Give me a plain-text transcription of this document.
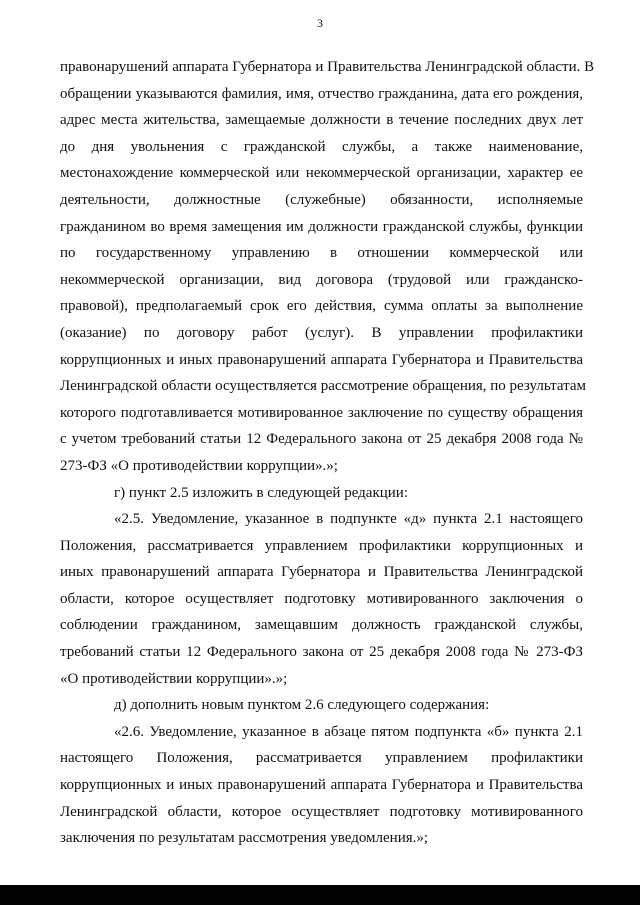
3
правонарушений аппарата Губернатора и Правительства Ленинградской области. В
обращении указываются фамилия, имя, отчество гражданина, дата его рождения,
адрес места жительства, замещаемые должности в течение последних двух лет
до дня увольнения с гражданской службы, а также наименование,
местонахождение коммерческой или некоммерческой организации, характер ее
деятельности, должностные (служебные) обязанности, исполняемые
гражданином во время замещения им должности гражданской службы, функции
по государственному управлению в отношении коммерческой или
некоммерческой организации, вид договора (трудовой или гражданско-
правовой), предполагаемый срок его действия, сумма оплаты за выполнение
(оказание) по договору работ (услуг). В управлении профилактики
коррупционных и иных правонарушений аппарата Губернатора и Правительства
Ленинградской области осуществляется рассмотрение обращения, по результатам
которого подготавливается мотивированное заключение по существу обращения
с учетом требований статьи 12 Федерального закона от 25 декабря 2008 года №
273-ФЗ «О противодействии коррупции».»;
г) пункт 2.5 изложить в следующей редакции:
«2.5. Уведомление, указанное в подпункте «д» пункта 2.1 настоящего
Положения, рассматривается управлением профилактики коррупционных и
иных правонарушений аппарата Губернатора и Правительства Ленинградской
области, которое осуществляет подготовку мотивированного заключения о
соблюдении гражданином, замещавшим должность гражданской службы,
требований статьи 12 Федерального закона от 25 декабря 2008 года № 273-ФЗ
«О противодействии коррупции».»;
д) дополнить новым пунктом 2.6 следующего содержания:
«2.6. Уведомление, указанное в абзаце пятом подпункта «б» пункта 2.1
настоящего Положения, рассматривается управлением профилактики
коррупционных и иных правонарушений аппарата Губернатора и Правительства
Ленинградской области, которое осуществляет подготовку мотивированного
заключения по результатам рассмотрения уведомления.»;
